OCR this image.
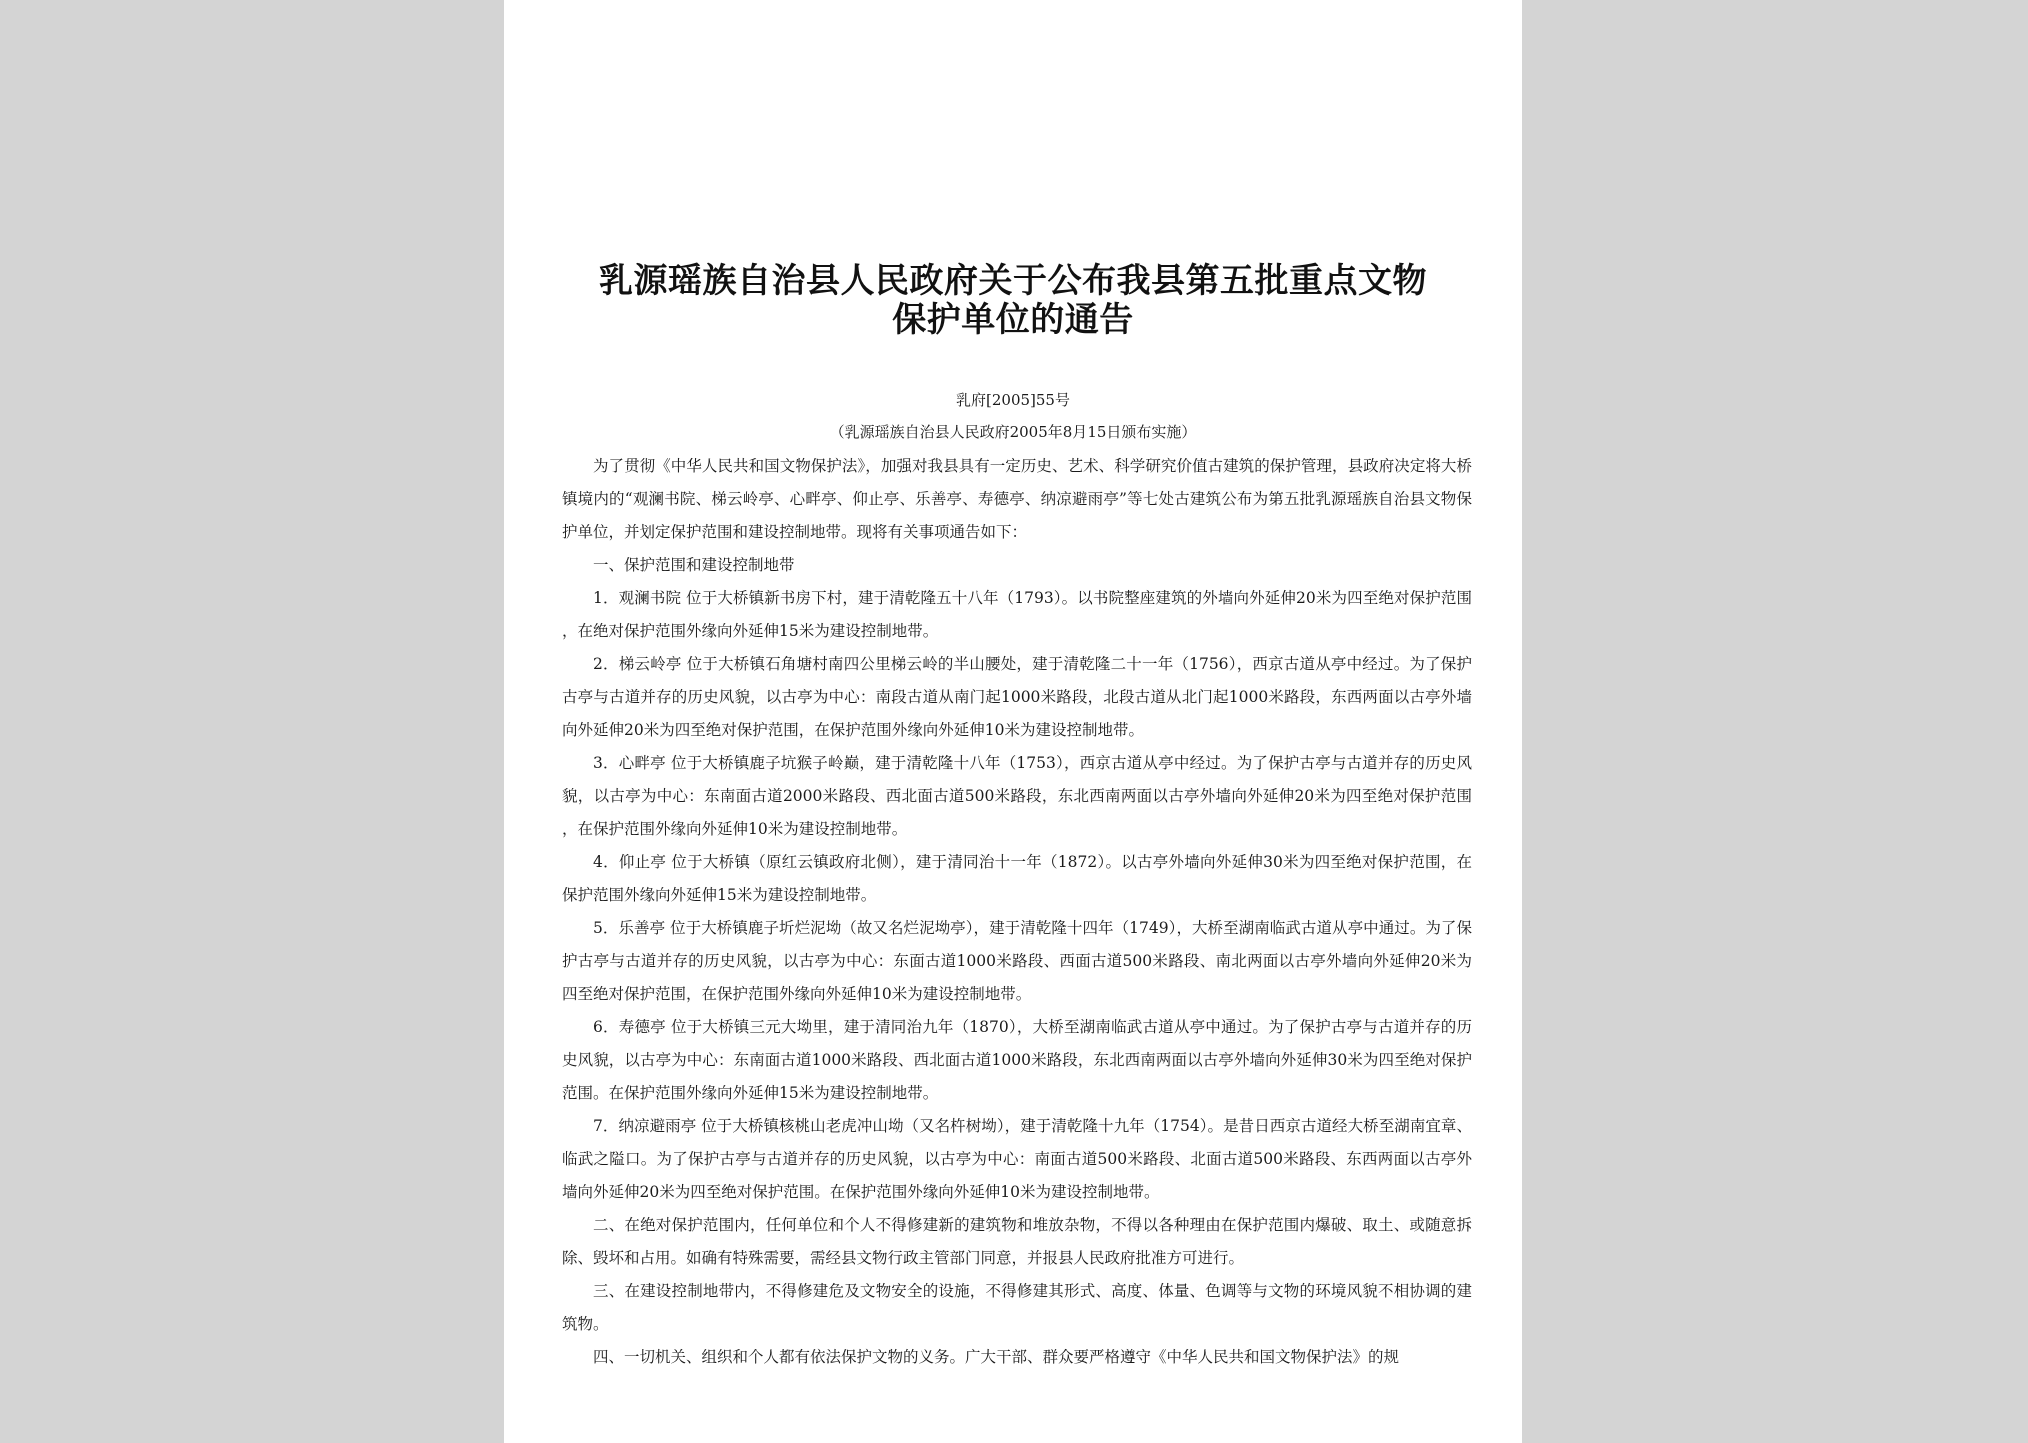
乳源瑶族自治县人民政府关于公布我县第五批重点文物保护单位的通告
乳府[2005]55号
（乳源瑶族自治县人民政府2005年8月15日颁布实施）

为了贯彻《中华人民共和国文物保护法》，加强对我县具有一定历史、艺术、科学研究价值古建筑的保护管理，县政府决定将大桥镇境内的“观澜书院、梯云岭亭、心畔亭、仰止亭、乐善亭、寿德亭、纳凉避雨亭”等七处古建筑公布为第五批乳源瑶族自治县文物保护单位，并划定保护范围和建设控制地带。现将有关事项通告如下：

一、保护范围和建设控制地带

1．观澜书院 位于大桥镇新书房下村，建于清乾隆五十八年（1793）。以书院整座建筑的外墙向外延伸20米为四至绝对保护范围，在绝对保护范围外缘向外延伸15米为建设控制地带。

2．梯云岭亭 位于大桥镇石角塘村南四公里梯云岭的半山腰处，建于清乾隆二十一年（1756），西京古道从亭中经过。为了保护古亭与古道并存的历史风貌，以古亭为中心：南段古道从南门起1000米路段，北段古道从北门起1000米路段，东西两面以古亭外墙向外延伸20米为四至绝对保护范围，在保护范围外缘向外延伸10米为建设控制地带。

3．心畔亭 位于大桥镇鹿子坑猴子岭巅，建于清乾隆十八年（1753），西京古道从亭中经过。为了保护古亭与古道并存的历史风貌，以古亭为中心：东南面古道2000米路段、西北面古道500米路段，东北西南两面以古亭外墙向外延伸20米为四至绝对保护范围，在保护范围外缘向外延伸10米为建设控制地带。

4．仰止亭 位于大桥镇（原红云镇政府北侧），建于清同治十一年（1872）。以古亭外墙向外延伸30米为四至绝对保护范围，在保护范围外缘向外延伸15米为建设控制地带。

5．乐善亭 位于大桥镇鹿子圻烂泥坳（故又名烂泥坳亭），建于清乾隆十四年（1749），大桥至湖南临武古道从亭中通过。为了保护古亭与古道并存的历史风貌，以古亭为中心：东面古道1000米路段、西面古道500米路段、南北两面以古亭外墙向外延伸20米为四至绝对保护范围，在保护范围外缘向外延伸10米为建设控制地带。

6．寿德亭 位于大桥镇三元大坳里，建于清同治九年（1870），大桥至湖南临武古道从亭中通过。为了保护古亭与古道并存的历史风貌，以古亭为中心：东南面古道1000米路段、西北面古道1000米路段，东北西南两面以古亭外墙向外延伸30米为四至绝对保护范围。在保护范围外缘向外延伸15米为建设控制地带。

7．纳凉避雨亭 位于大桥镇核桃山老虎冲山坳（又名杵树坳），建于清乾隆十九年（1754）。是昔日西京古道经大桥至湖南宜章、临武之隘口。为了保护古亭与古道并存的历史风貌，以古亭为中心：南面古道500米路段、北面古道500米路段、东西两面以古亭外墙向外延伸20米为四至绝对保护范围。在保护范围外缘向外延伸10米为建设控制地带。

二、在绝对保护范围内，任何单位和个人不得修建新的建筑物和堆放杂物，不得以各种理由在保护范围内爆破、取土、或随意拆除、毁坏和占用。如确有特殊需要，需经县文物行政主管部门同意，并报县人民政府批准方可进行。

三、在建设控制地带内，不得修建危及文物安全的设施，不得修建其形式、高度、体量、色调等与文物的环境风貌不相协调的建筑物。

四、一切机关、组织和个人都有依法保护文物的义务。广大干部、群众要严格遵守《中华人民共和国文物保护法》的规
